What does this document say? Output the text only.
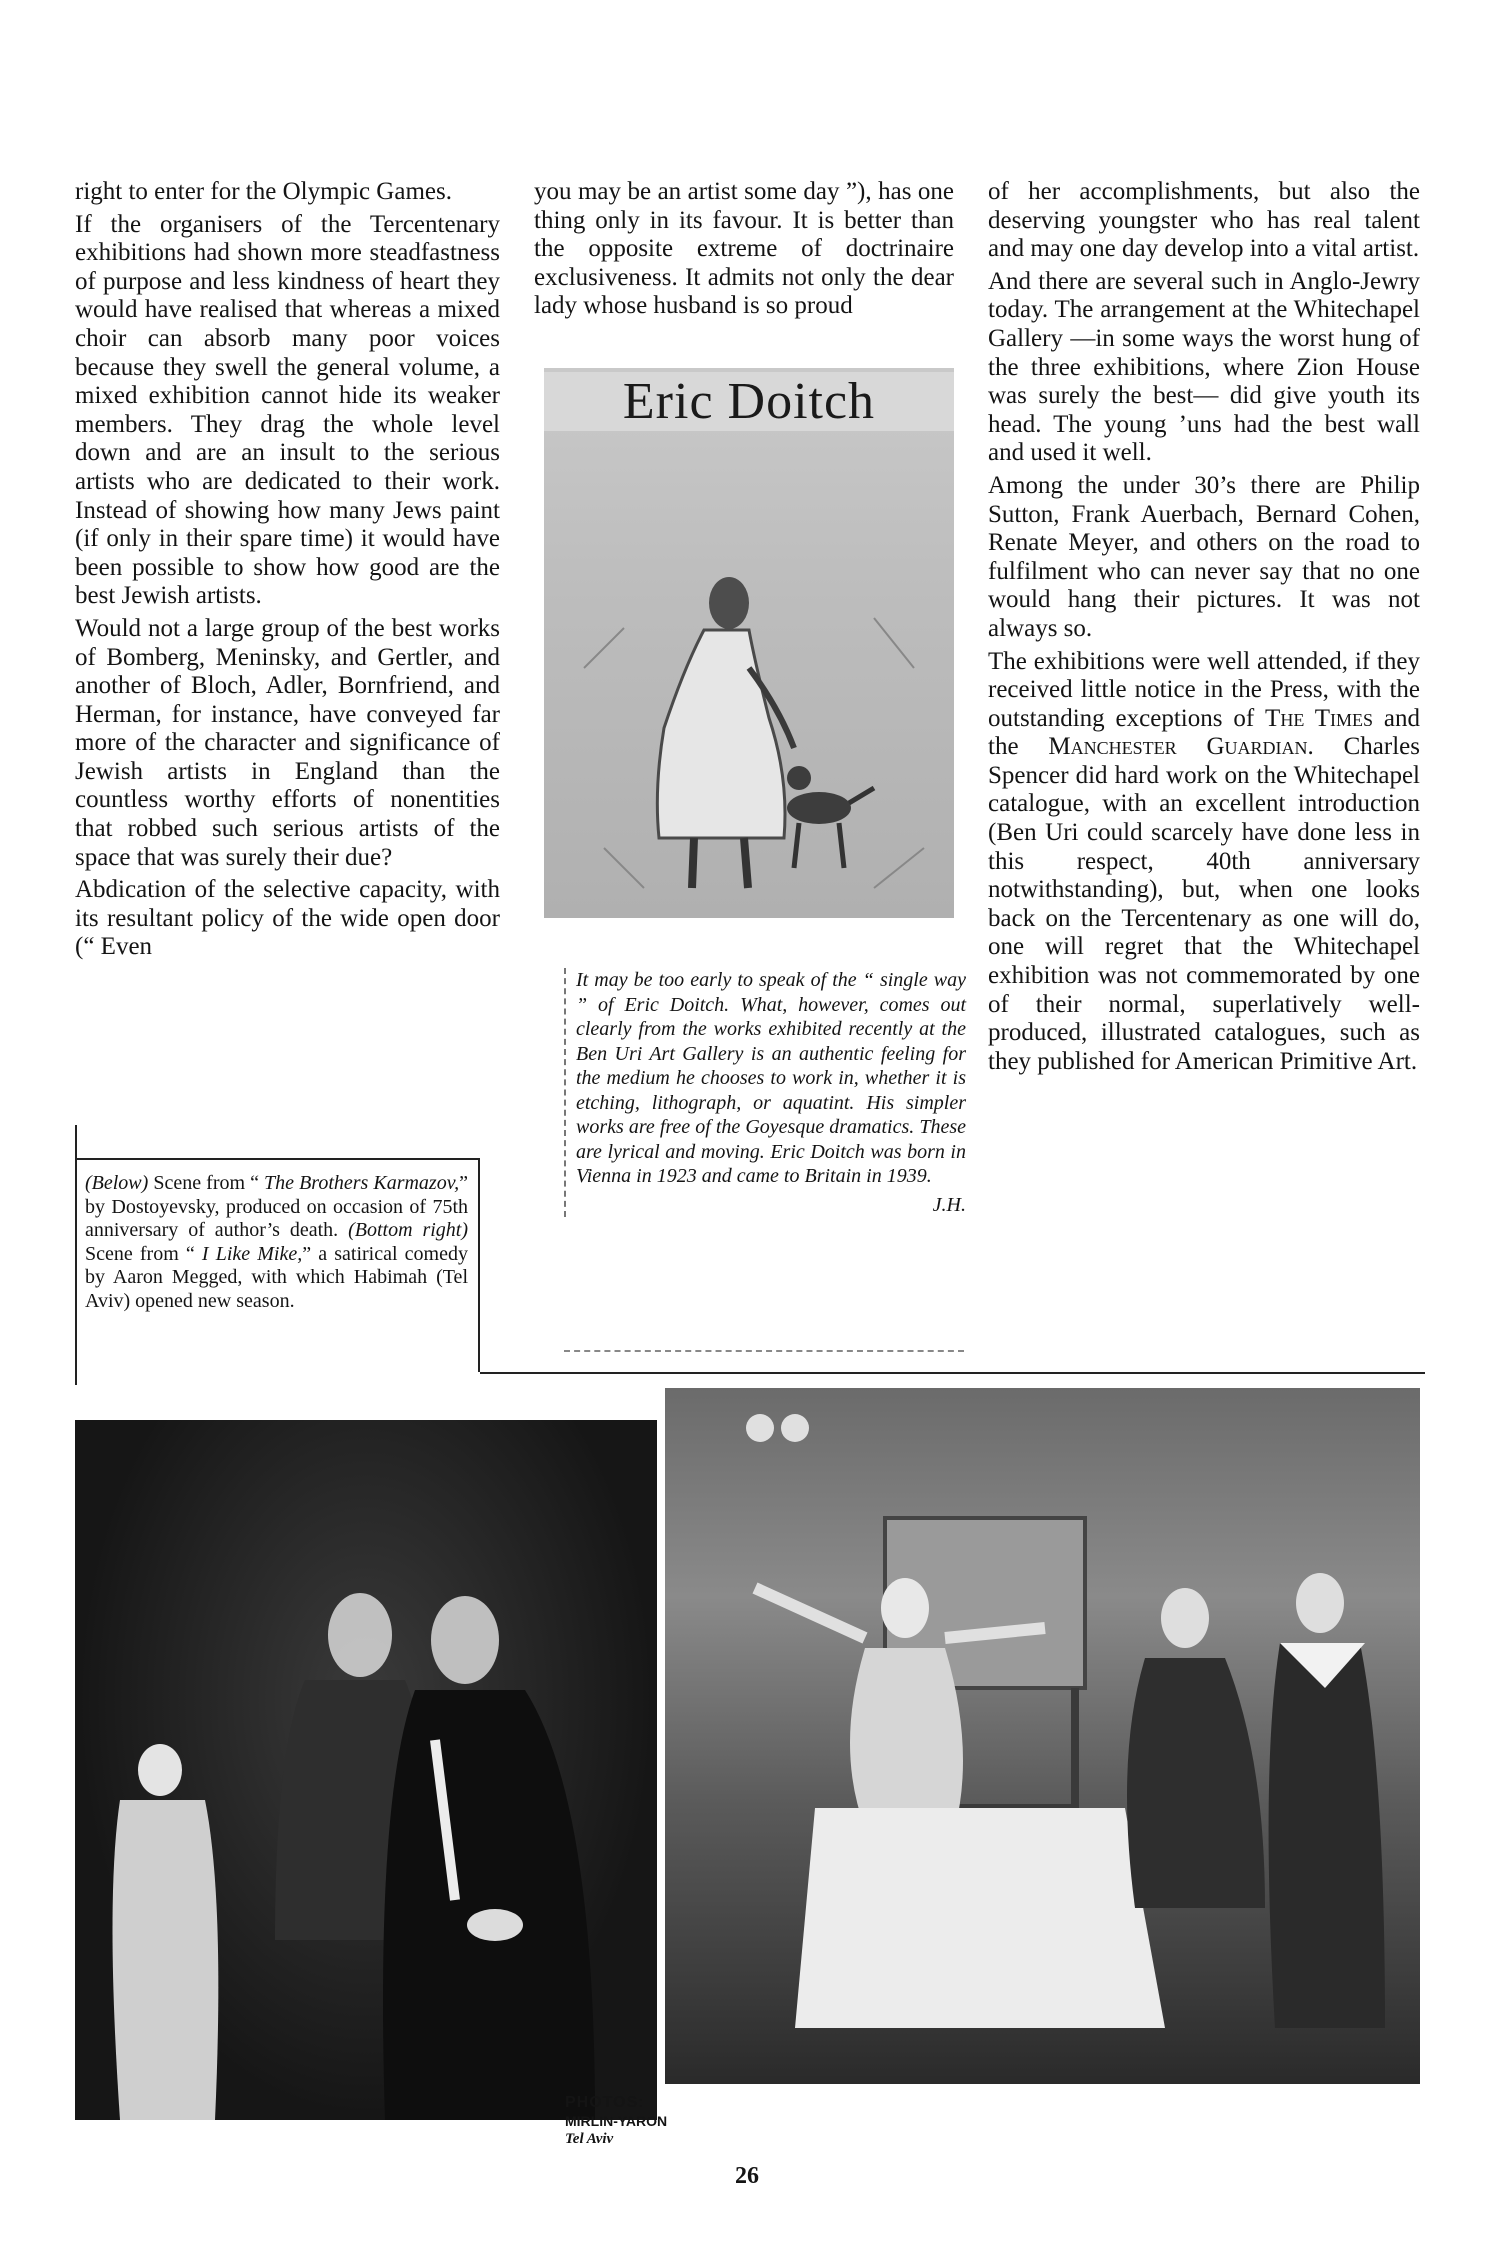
right to enter for the Olympic Games.

If the organisers of the Tercentenary exhibitions had shown more steadfastness of purpose and less kindness of heart they would have realised that whereas a mixed choir can absorb many poor voices because they swell the general volume, a mixed exhibition cannot hide its weaker members. They drag the whole level down and are an insult to the serious artists who are dedicated to their work. Instead of showing how many Jews paint (if only in their spare time) it would have been possible to show how good are the best Jewish artists.

Would not a large group of the best works of Bomberg, Meninsky, and Gertler, and another of Bloch, Adler, Bornfriend, and Herman, for instance, have conveyed far more of the character and significance of Jewish artists in England than the countless worthy efforts of nonentities that robbed such serious artists of the space that was surely their due?

Abdication of the selective capacity, with its resultant policy of the wide open door (“ Even

(Below) Scene from “ The Brothers Karmazov,” by Dostoyevsky, produced on occasion of 75th anniversary of author’s death. (Bottom right) Scene from “ I Like Mike,” a satirical comedy by Aaron Megged, with which Habimah (Tel Aviv) opened new season.

you may be an artist some day ”), has one thing only in its favour. It is better than the opposite extreme of doctrinaire exclusiveness. It admits not only the dear lady whose husband is so proud

Eric Doitch
It may be too early to speak of the “ single way ” of Eric Doitch. What, however, comes out clearly from the works exhibited recently at the Ben Uri Art Gallery is an authentic feeling for the medium he chooses to work in, whether it is etching, lithograph, or aquatint. His simpler works are free of the Goyesque dramatics. These are lyrical and moving. Eric Doitch was born in Vienna in 1923 and came to Britain in 1939.
J.H.

of her accomplishments, but also the deserving youngster who has real talent and may one day develop into a vital artist.

And there are several such in Anglo-Jewry today. The arrangement at the Whitechapel Gallery —in some ways the worst hung of the three exhibitions, where Zion House was surely the best— did give youth its head. The young ’uns had the best wall and used it well.

Among the under 30’s there are Philip Sutton, Frank Auerbach, Bernard Cohen, Renate Meyer, and others on the road to fulfilment who can never say that no one would hang their pictures. It was not always so.

The exhibitions were well attended, if they received little notice in the Press, with the outstanding exceptions of The Times and the Manchester Guardian. Charles Spencer did hard work on the Whitechapel catalogue, with an excellent introduction (Ben Uri could scarcely have done less in this respect, 40th anniversary notwithstanding), but, when one looks back on the Tercentenary as one will do, one will regret that the Whitechapel exhibition was not commemorated by one of their normal, superlatively well-produced, illustrated catalogues, such as they published for American Primitive Art.

PHOTOS:
MIRLIN-YARON
Tel Aviv
26
